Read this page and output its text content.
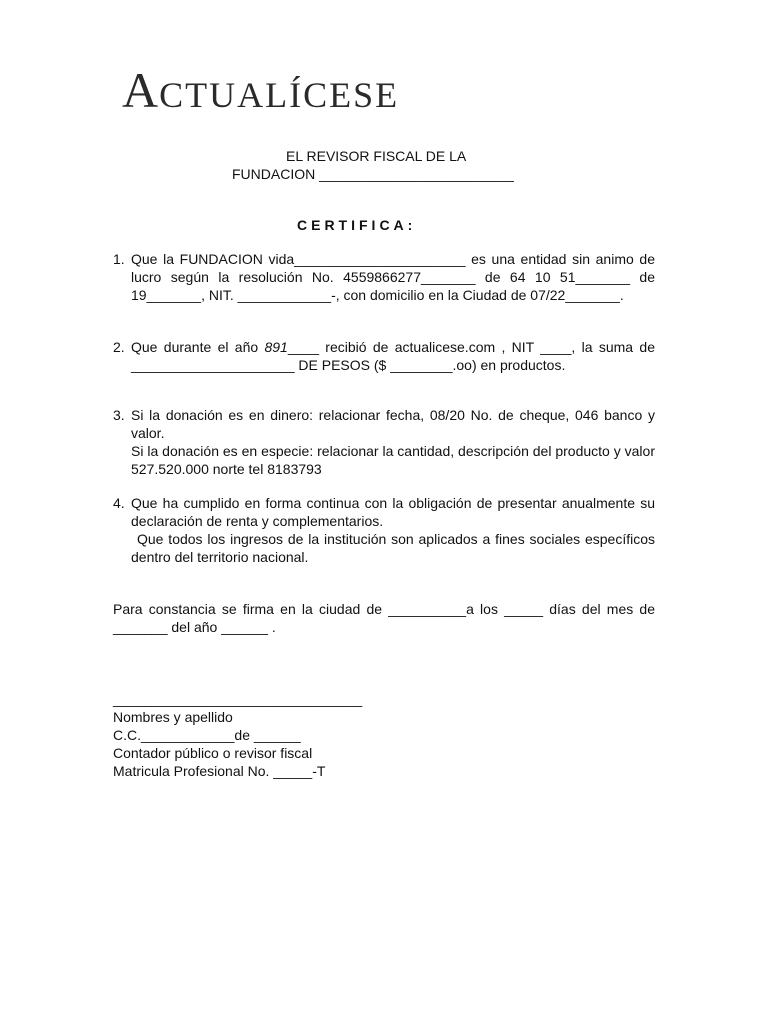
ACTUALÍCESE
EL REVISOR FISCAL DE LA
FUNDACION _________________________
CERTIFICA:
1. Que la FUNDACION vida______________________ es una entidad sin animo de lucro según la resolución No. 4559866277_______ de 64 10 51_______ de 19_______, NIT. ____________-, con domicilio en la Ciudad de 07/22_______.

2. Que durante el año 891____ recibió de actualicese.com , NIT ____, la suma de _____________________ DE PESOS ($ ________.oo) en productos.

3. Si la donación es en dinero: relacionar fecha, 08/20 No. de cheque, 046 banco y valor.

Si la donación es en especie: relacionar la cantidad, descripción del producto y valor 527.520.000 norte tel 8183793

4. Que ha cumplido en forma continua con la obligación de presentar anualmente su declaración de renta y complementarios.

Que todos los ingresos de la institución son aplicados a fines sociales específicos dentro del territorio nacional.

Para constancia se firma en la ciudad de __________a los _____ días del mes de _______ del año ______ .
________________________________
Nombres y apellido
C.C.____________de ______
Contador público o revisor fiscal
Matricula Profesional No. _____-T
